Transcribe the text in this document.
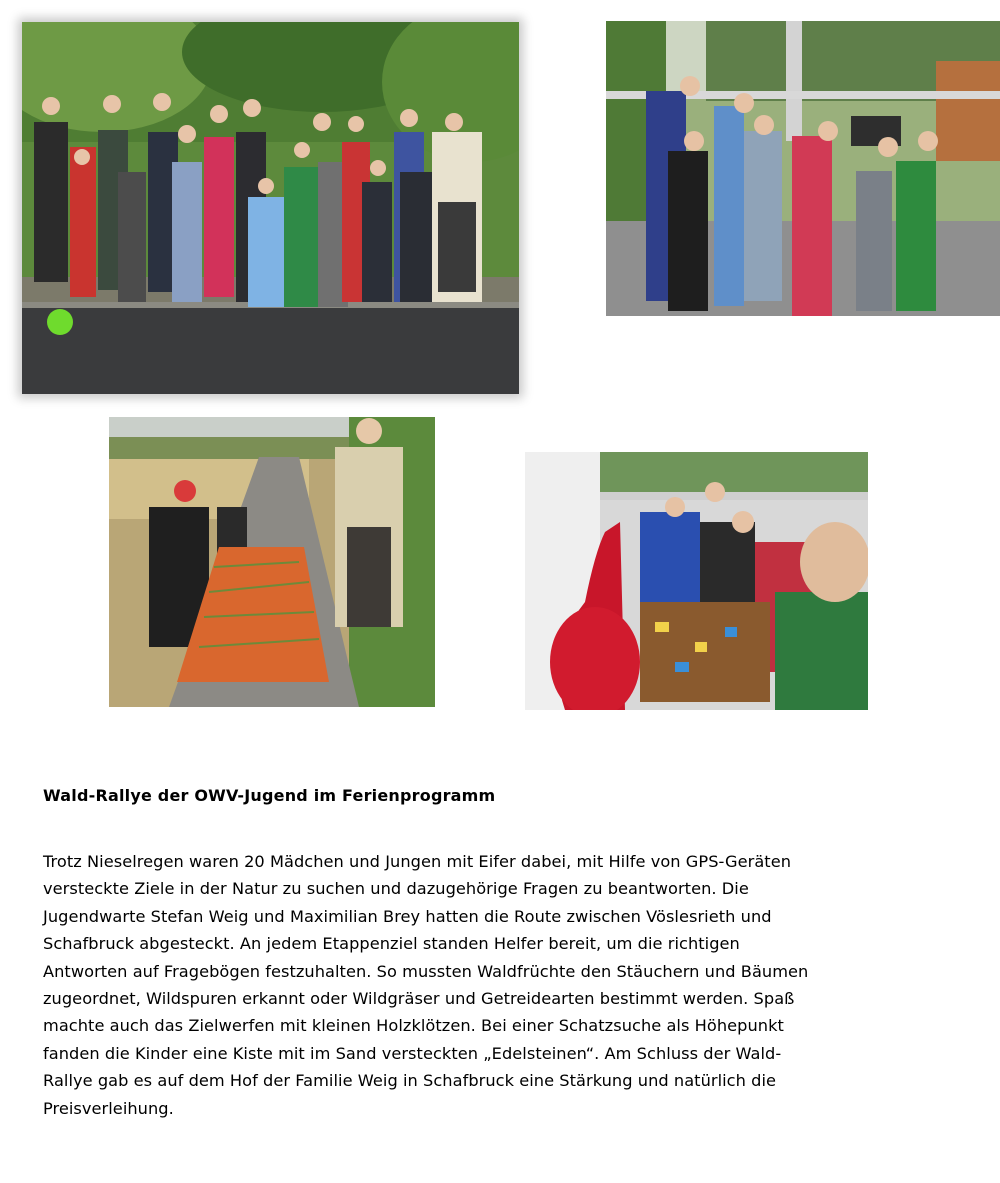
Wald-Rallye der OWV-Jugend im Ferienprogramm
Trotz Nieselregen waren 20 Mädchen und Jungen mit Eifer dabei, mit Hilfe von GPS-Geräten
versteckte Ziele in der Natur zu suchen und dazugehörige Fragen zu beantworten. Die
Jugendwarte Stefan Weig und Maximilian Brey hatten die Route zwischen Vöslesrieth und
Schafbruck abgesteckt. An jedem Etappenziel standen Helfer bereit, um die richtigen
Antworten auf Fragebögen festzuhalten. So mussten Waldfrüchte den Stäuchern und Bäumen
zugeordnet, Wildspuren erkannt oder Wildgräser und Getreidearten bestimmt werden. Spaß
machte auch das Zielwerfen mit kleinen Holzklötzen. Bei einer Schatzsuche als Höhepunkt
fanden die Kinder eine Kiste mit im Sand versteckten „Edelsteinen“. Am Schluss der Wald-
Rallye gab es auf dem Hof der Familie Weig in Schafbruck eine Stärkung und natürlich die
Preisverleihung.
